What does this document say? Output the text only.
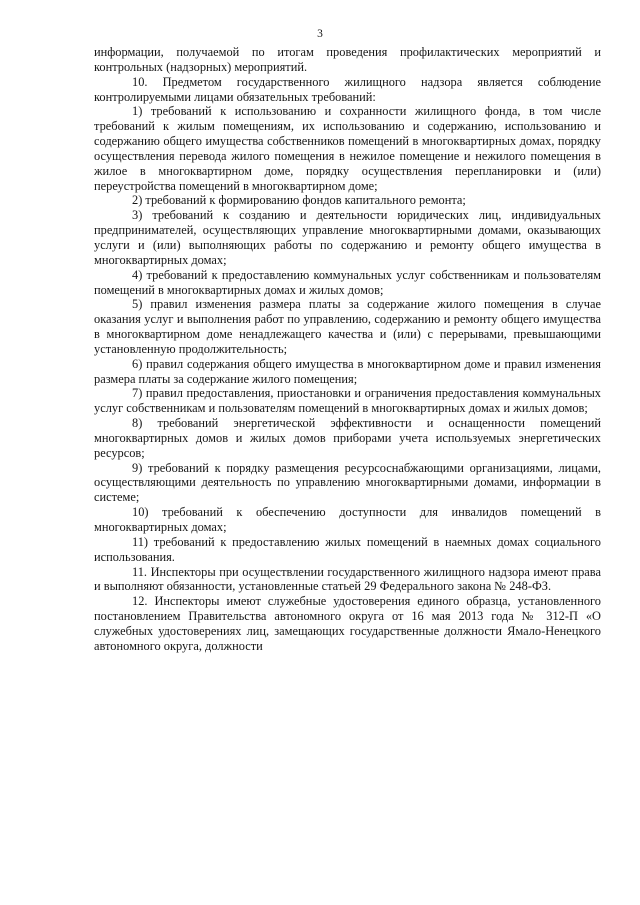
3

информации, получаемой по итогам проведения профилактических мероприятий и контрольных (надзорных) мероприятий.

10. Предметом государственного жилищного надзора является соблюдение контролируемыми лицами обязательных требований:

1) требований к использованию и сохранности жилищного фонда, в том числе требований к жилым помещениям, их использованию и содержанию, использованию и содержанию общего имущества собственников помещений в многоквартирных домах, порядку осуществления перевода жилого помещения в нежилое помещение и нежилого помещения в жилое в многоквартирном доме, порядку осуществления перепланировки и (или) переустройства помещений в многоквартирном доме;

2) требований к формированию фондов капитального ремонта;

3) требований к созданию и деятельности юридических лиц, индивидуальных предпринимателей, осуществляющих управление многоквартирными домами, оказывающих услуги и (или) выполняющих работы по содержанию и ремонту общего имущества в многоквартирных домах;

4) требований к предоставлению коммунальных услуг собственникам и пользователям помещений в многоквартирных домах и жилых домов;

5) правил изменения размера платы за содержание жилого помещения в случае оказания услуг и выполнения работ по управлению, содержанию и ремонту общего имущества в многоквартирном доме ненадлежащего качества и (или) с перерывами, превышающими установленную продолжительность;

6) правил содержания общего имущества в многоквартирном доме и правил изменения размера платы за содержание жилого помещения;

7) правил предоставления, приостановки и ограничения предоставления коммунальных услуг собственникам и пользователям помещений в многоквартирных домах и жилых домов;

8) требований энергетической эффективности и оснащенности помещений многоквартирных домов и жилых домов приборами учета используемых энергетических ресурсов;

9) требований к порядку размещения ресурсоснабжающими организациями, лицами, осуществляющими деятельность по управлению многоквартирными домами, информации в системе;

10) требований к обеспечению доступности для инвалидов помещений в многоквартирных домах;

11) требований к предоставлению жилых помещений в наемных домах социального использования.

11. Инспекторы при осуществлении государственного жилищного надзора имеют права и выполняют обязанности, установленные статьей 29 Федерального закона № 248-ФЗ.

12. Инспекторы имеют служебные удостоверения единого образца, установленного постановлением Правительства автономного округа от 16 мая 2013 года № 312-П «О служебных удостоверениях лиц, замещающих государственные должности Ямало-Ненецкого автономного округа, должности
